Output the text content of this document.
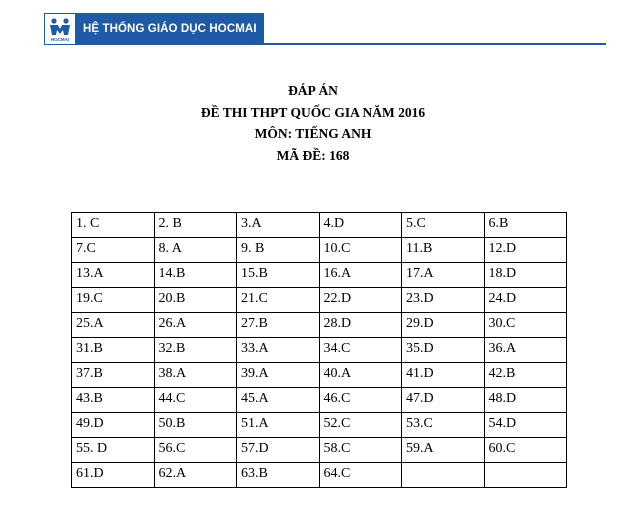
HOCMAI
HỆ THỐNG GIÁO DỤC HOCMAI
ĐÁP ÁN
ĐỀ THI THPT QUỐC GIA NĂM 2016
MÔN: TIẾNG ANH
MÃ ĐỀ: 168
1. C	2. B	3.A	4.D	5.C	6.B
7.C	8. A	9. B	10.C	11.B	12.D
13.A	14.B	15.B	16.A	17.A	18.D
19.C	20.B	21.C	22.D	23.D	24.D
25.A	26.A	27.B	28.D	29.D	30.C
31.B	32.B	33.A	34.C	35.D	36.A
37.B	38.A	39.A	40.A	41.D	42.B
43.B	44.C	45.A	46.C	47.D	48.D
49.D	50.B	51.A	52.C	53.C	54.D
55. D	56.C	57.D	58.C	59.A	60.C
61.D	62.A	63.B	64.C		
